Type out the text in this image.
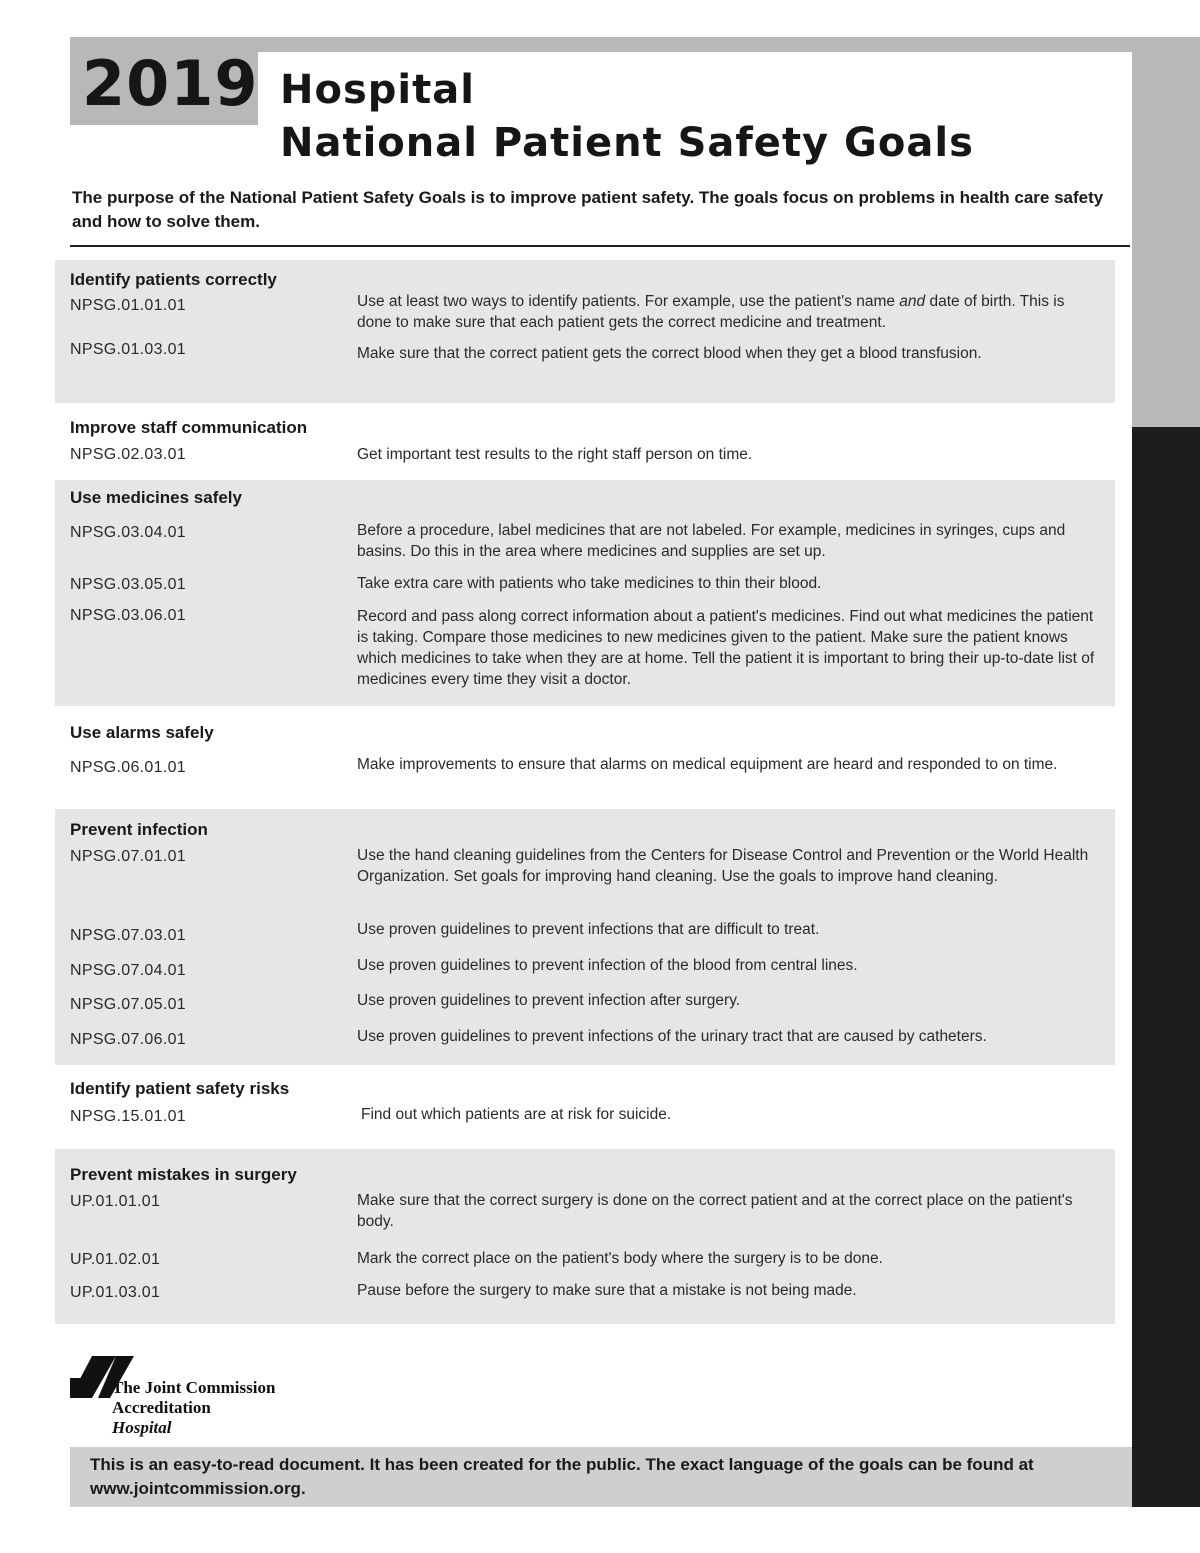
2019 Hospital
National Patient Safety Goals
The purpose of the National Patient Safety Goals is to improve patient safety. The goals focus on problems in health care safety and how to solve them.
Identify patients correctly
NPSG.01.01.01	Use at least two ways to identify patients. For example, use the patient's name and date of birth. This is done to make sure that each patient gets the correct medicine and treatment.
NPSG.01.03.01	Make sure that the correct patient gets the correct blood when they get a blood transfusion.
Improve staff communication
NPSG.02.03.01	Get important test results to the right staff person on time.
Use medicines safely
NPSG.03.04.01	Before a procedure, label medicines that are not labeled. For example, medicines in syringes, cups and basins. Do this in the area where medicines and supplies are set up.
NPSG.03.05.01	Take extra care with patients who take medicines to thin their blood.
NPSG.03.06.01	Record and pass along correct information about a patient's medicines. Find out what medicines the patient is taking. Compare those medicines to new medicines given to the patient. Make sure the patient knows which medicines to take when they are at home. Tell the patient it is important to bring their up-to-date list of medicines every time they visit a doctor.
Use alarms safely
NPSG.06.01.01	Make improvements to ensure that alarms on medical equipment are heard and responded to on time.
Prevent infection
NPSG.07.01.01	Use the hand cleaning guidelines from the Centers for Disease Control and Prevention or the World Health Organization. Set goals for improving hand cleaning. Use the goals to improve hand cleaning.
NPSG.07.03.01	Use proven guidelines to prevent infections that are difficult to treat.
NPSG.07.04.01	Use proven guidelines to prevent infection of the blood from central lines.
NPSG.07.05.01	Use proven guidelines to prevent infection after surgery.
NPSG.07.06.01	Use proven guidelines to prevent infections of the urinary tract that are caused by catheters.
Identify patient safety risks
NPSG.15.01.01	Find out which patients are at risk for suicide.
Prevent mistakes in surgery
UP.01.01.01	Make sure that the correct surgery is done on the correct patient and at the correct place on the patient's body.
UP.01.02.01	Mark the correct place on the patient's body where the surgery is to be done.
UP.01.03.01	Pause before the surgery to make sure that a mistake is not being made.
The Joint Commission
Accreditation
Hospital
This is an easy-to-read document. It has been created for the public. The exact language of the goals can be found at www.jointcommission.org.
